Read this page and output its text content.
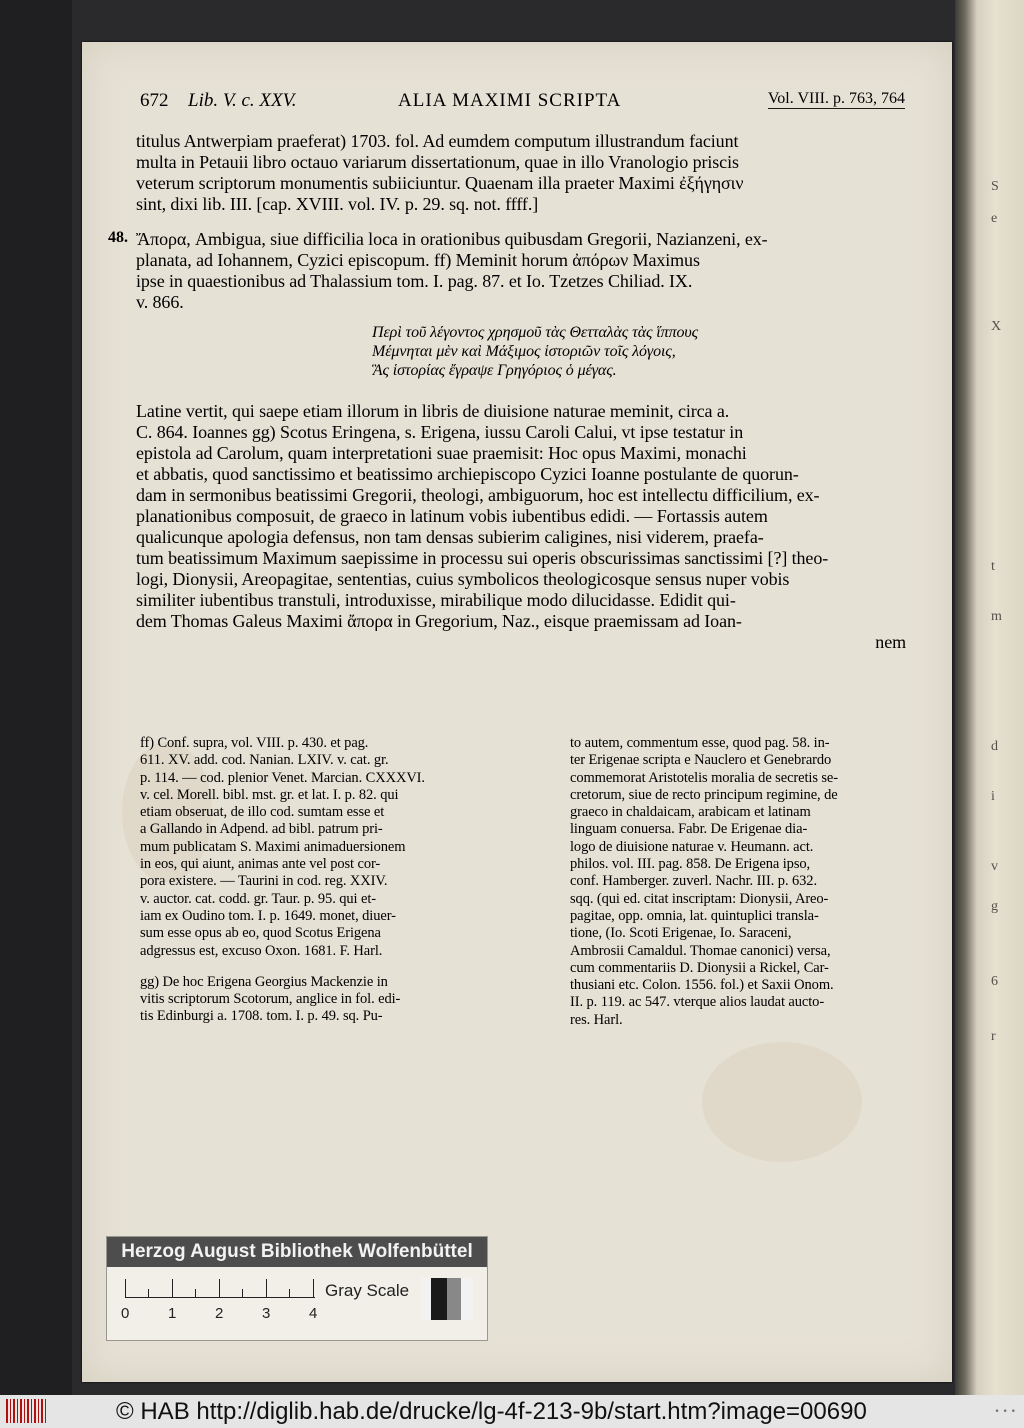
S
e
X
t
m
d
i
v
g
6
r
672 Lib. V. c. XXV.	ALIA MAXIMI SCRIPTA	Vol. VIII. p. 763, 764
titulus Antwerpiam praeferat) 1703. fol. Ad eumdem computum illustrandum faciunt
multa in Petauii libro octauo variarum dissertationum, quae in illo Vranologio priscis
veterum scriptorum monumentis subiiciuntur. Quaenam illa praeter Maximi ἐξήγησιν
sint, dixi lib. III. [cap. XVIII. vol. IV. p. 29. sq. not. ffff.]
48. Ἄπορα, Ambigua, siue difficilia loca in orationibus quibusdam Gregorii, Nazianzeni, ex-
planata, ad Iohannem, Cyzici episcopum. ff) Meminit horum ἀπόρων Maximus
ipse in quaestionibus ad Thalassium tom. I. pag. 87. et Io. Tzetzes Chiliad. IX.
v. 866.
Περὶ τοῦ λέγοντος χρησμοῦ τὰς Θετταλὰς τὰς ἵππους
Μέμνηται μὲν καὶ Μάξιμος ἱστοριῶν τοῖς λόγοις,
Ἃς ἱστορίας ἔγραψε Γρηγόριος ὁ μέγας.
Latine vertit, qui saepe etiam illorum in libris de diuisione naturae meminit, circa a.
C. 864. Ioannes gg) Scotus Eringena, s. Erigena, iussu Caroli Calui, vt ipse testatur in
epistola ad Carolum, quam interpretationi suae praemisit: Hoc opus Maximi, monachi
et abbatis, quod sanctissimo et beatissimo archiepiscopo Cyzici Ioanne postulante de quorun-
dam in sermonibus beatissimi Gregorii, theologi, ambiguorum, hoc est intellectu difficilium, ex-
planationibus composuit, de graeco in latinum vobis iubentibus edidi. — Fortassis autem
qualicunque apologia defensus, non tam densas subierim caligines, nisi viderem, praefa-
tum beatissimum Maximum saepissime in processu sui operis obscurissimas sanctissimi [?] theo-
logi, Dionysii, Areopagitae, sententias, cuius symbolicos theologicosque sensus nuper vobis
similiter iubentibus transtuli, introduxisse, mirabilique modo dilucidasse. Edidit qui-
dem Thomas Galeus Maximi ἄπορα in Gregorium, Naz., eisque praemissam ad Ioan-
nem
ff) Conf. supra, vol. VIII. p. 430. et pag.
611. XV. add. cod. Nanian. LXIV. v. cat. gr.
p. 114. — cod. plenior Venet. Marcian. CXXXVI.
v. cel. Morell. bibl. mst. gr. et lat. I. p. 82. qui
etiam obseruat, de illo cod. sumtam esse et
a Gallando in Adpend. ad bibl. patrum pri-
mum publicatam S. Maximi animaduersionem
in eos, qui aiunt, animas ante vel post cor-
pora existere. — Taurini in cod. reg. XXIV.
v. auctor. cat. codd. gr. Taur. p. 95. qui et-
iam ex Oudino tom. I. p. 1649. monet, diuer-
sum esse opus ab eo, quod Scotus Erigena
adgressus est, excuso Oxon. 1681. F. Harl.
gg) De hoc Erigena Georgius Mackenzie in
vitis scriptorum Scotorum, anglice in fol. edi-
tis Edinburgi a. 1708. tom. I. p. 49. sq. Pu-
to autem, commentum esse, quod pag. 58. in-
ter Erigenae scripta e Nauclero et Genebrardo
commemorat Aristotelis moralia de secretis se-
cretorum, siue de recto principum regimine, de
graeco in chaldaicam, arabicam et latinam
linguam conuersa. Fabr. De Erigenae dia-
logo de diuisione naturae v. Heumann. act.
philos. vol. III. pag. 858. De Erigena ipso,
conf. Hamberger. zuverl. Nachr. III. p. 632.
sqq. (qui ed. citat inscriptam: Dionysii, Areo-
pagitae, opp. omnia, lat. quintuplici transla-
tione, (Io. Scoti Erigenae, Io. Saraceni,
Ambrosii Camaldul. Thomae canonici) versa,
cum commentariis D. Dionysii a Rickel, Car-
thusiani etc. Colon. 1556. fol.) et Saxii Onom.
II. p. 119. ac 547. vterque alios laudat aucto-
res. Harl.
Herzog August Bibliothek Wolfenbüttel
0	1	2	3	4
Gray Scale
© HAB http://diglib.hab.de/drucke/lg-4f-213-9b/start.htm?image=00690	• • •
